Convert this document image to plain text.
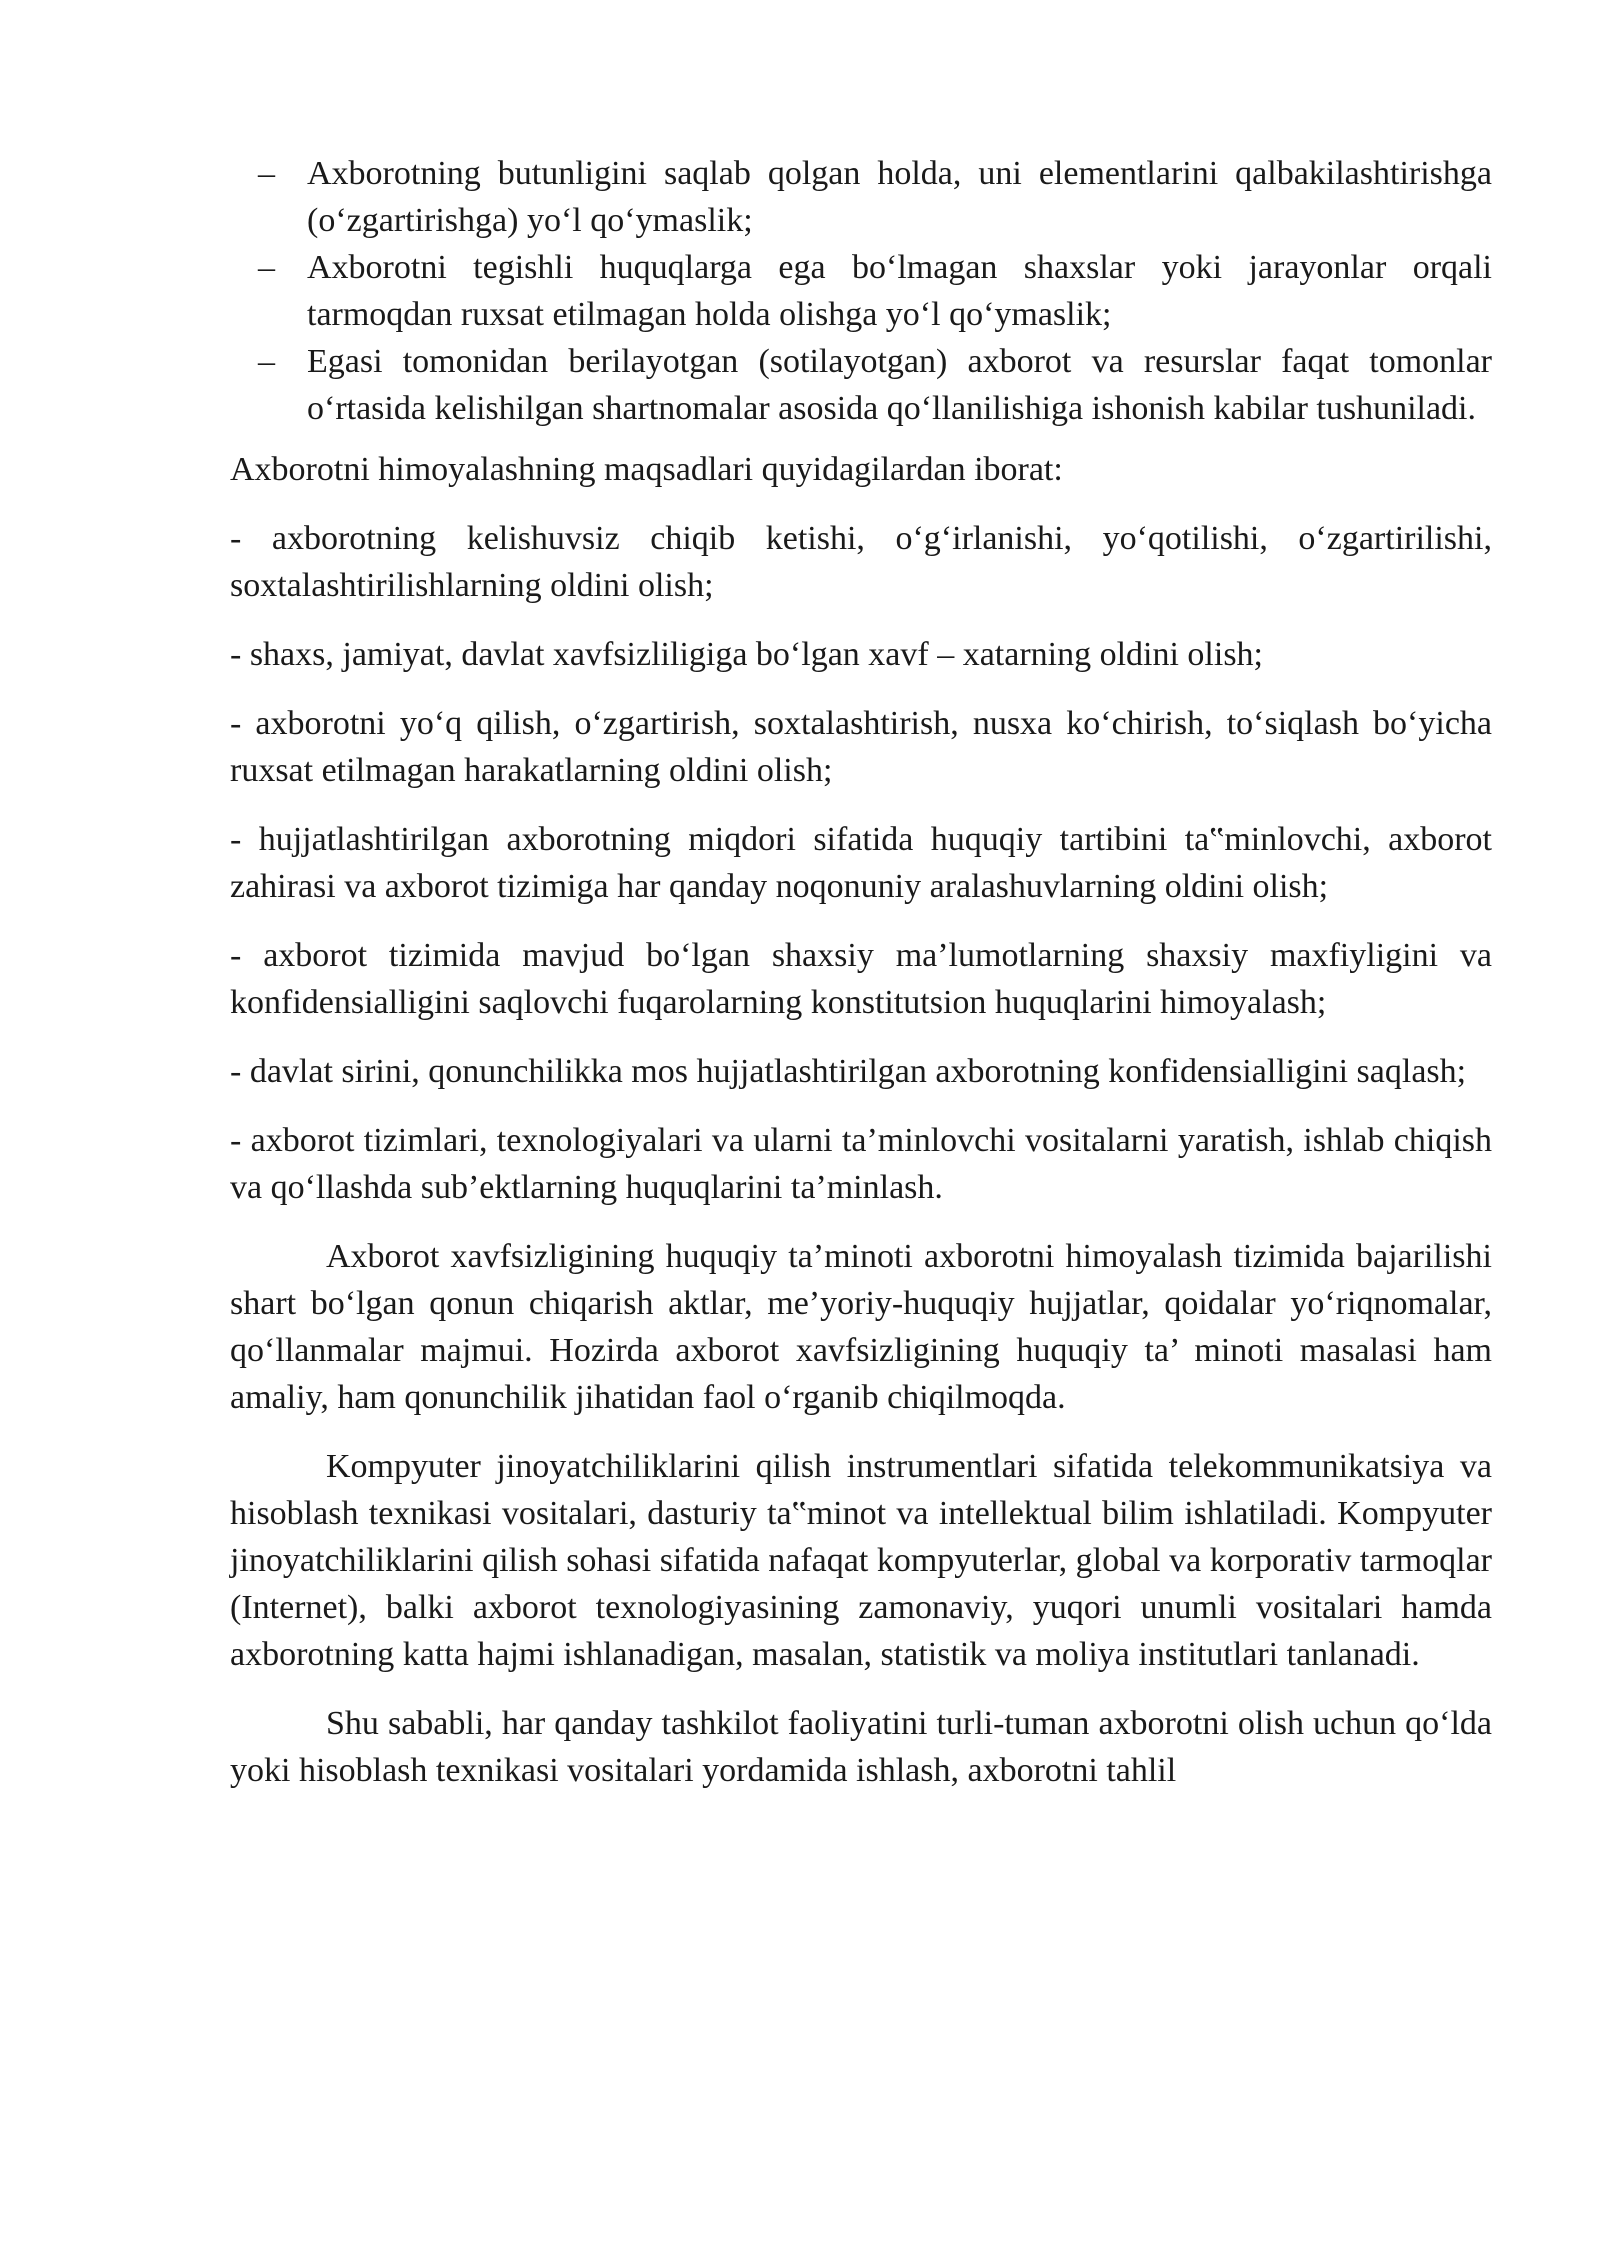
– Axborotning butunligini saqlab qolgan holda, uni elementlarini qalbakilashtirishga (o‘zgartirishga) yo‘l qo‘ymaslik;
– Axborotni tegishli huquqlarga ega bo‘lmagan shaxslar yoki jarayonlar orqali tarmoqdan ruxsat etilmagan holda olishga yo‘l qo‘ymaslik;
– Egasi tomonidan berilayotgan (sotilayotgan) axborot va resurslar faqat tomonlar o‘rtasida kelishilgan shartnomalar asosida qo‘llanilishiga ishonish kabilar tushuniladi.

Axborotni himoyalashning maqsadlari quyidagilardan iborat:

- axborotning kelishuvsiz chiqib ketishi, o‘g‘irlanishi, yo‘qotilishi, o‘zgartirilishi, soxtalashtirilishlarning oldini olish;

- shaxs, jamiyat, davlat xavfsizliligiga bo‘lgan xavf – xatarning oldini olish;

- axborotni yo‘q qilish, o‘zgartirish, soxtalashtirish, nusxa ko‘chirish, to‘siqlash bo‘yicha ruxsat etilmagan harakatlarning oldini olish;

- hujjatlashtirilgan axborotning miqdori sifatida huquqiy tartibini ta‟minlovchi, axborot zahirasi va axborot tizimiga har qanday noqonuniy aralashuvlarning oldini olish;

- axborot tizimida mavjud bo‘lgan shaxsiy ma’lumotlarning shaxsiy maxfiyligini va konfidensialligini saqlovchi fuqarolarning konstitutsion huquqlarini himoyalash;

- davlat sirini, qonunchilikka mos hujjatlashtirilgan axborotning konfidensialligini saqlash;

- axborot tizimlari, texnologiyalari va ularni ta’minlovchi vositalarni yaratish, ishlab chiqish va qo‘llashda sub’ektlarning huquqlarini ta’minlash.

Axborot xavfsizligining huquqiy ta’minoti axborotni himoyalash tizimida bajarilishi shart bo‘lgan qonun chiqarish aktlar, me’yoriy-huquqiy hujjatlar, qoidalar yo‘riqnomalar, qo‘llanmalar majmui. Hozirda axborot xavfsizligining huquqiy ta’ minoti masalasi ham amaliy, ham qonunchilik jihatidan faol o‘rganib chiqilmoqda.

Kompyuter jinoyatchiliklarini qilish instrumentlari sifatida telekommunikatsiya va hisoblash texnikasi vositalari, dasturiy ta‟minot va intellektual bilim ishlatiladi. Kompyuter jinoyatchiliklarini qilish sohasi sifatida nafaqat kompyuterlar, global va korporativ tarmoqlar (Internet), balki axborot texnologiyasining zamonaviy, yuqori unumli vositalari hamda axborotning katta hajmi ishlanadigan, masalan, statistik va moliya institutlari tanlanadi.

Shu sababli, har qanday tashkilot faoliyatini turli-tuman axborotni olish uchun qo‘lda yoki hisoblash texnikasi vositalari yordamida ishlash, axborotni tahlil
